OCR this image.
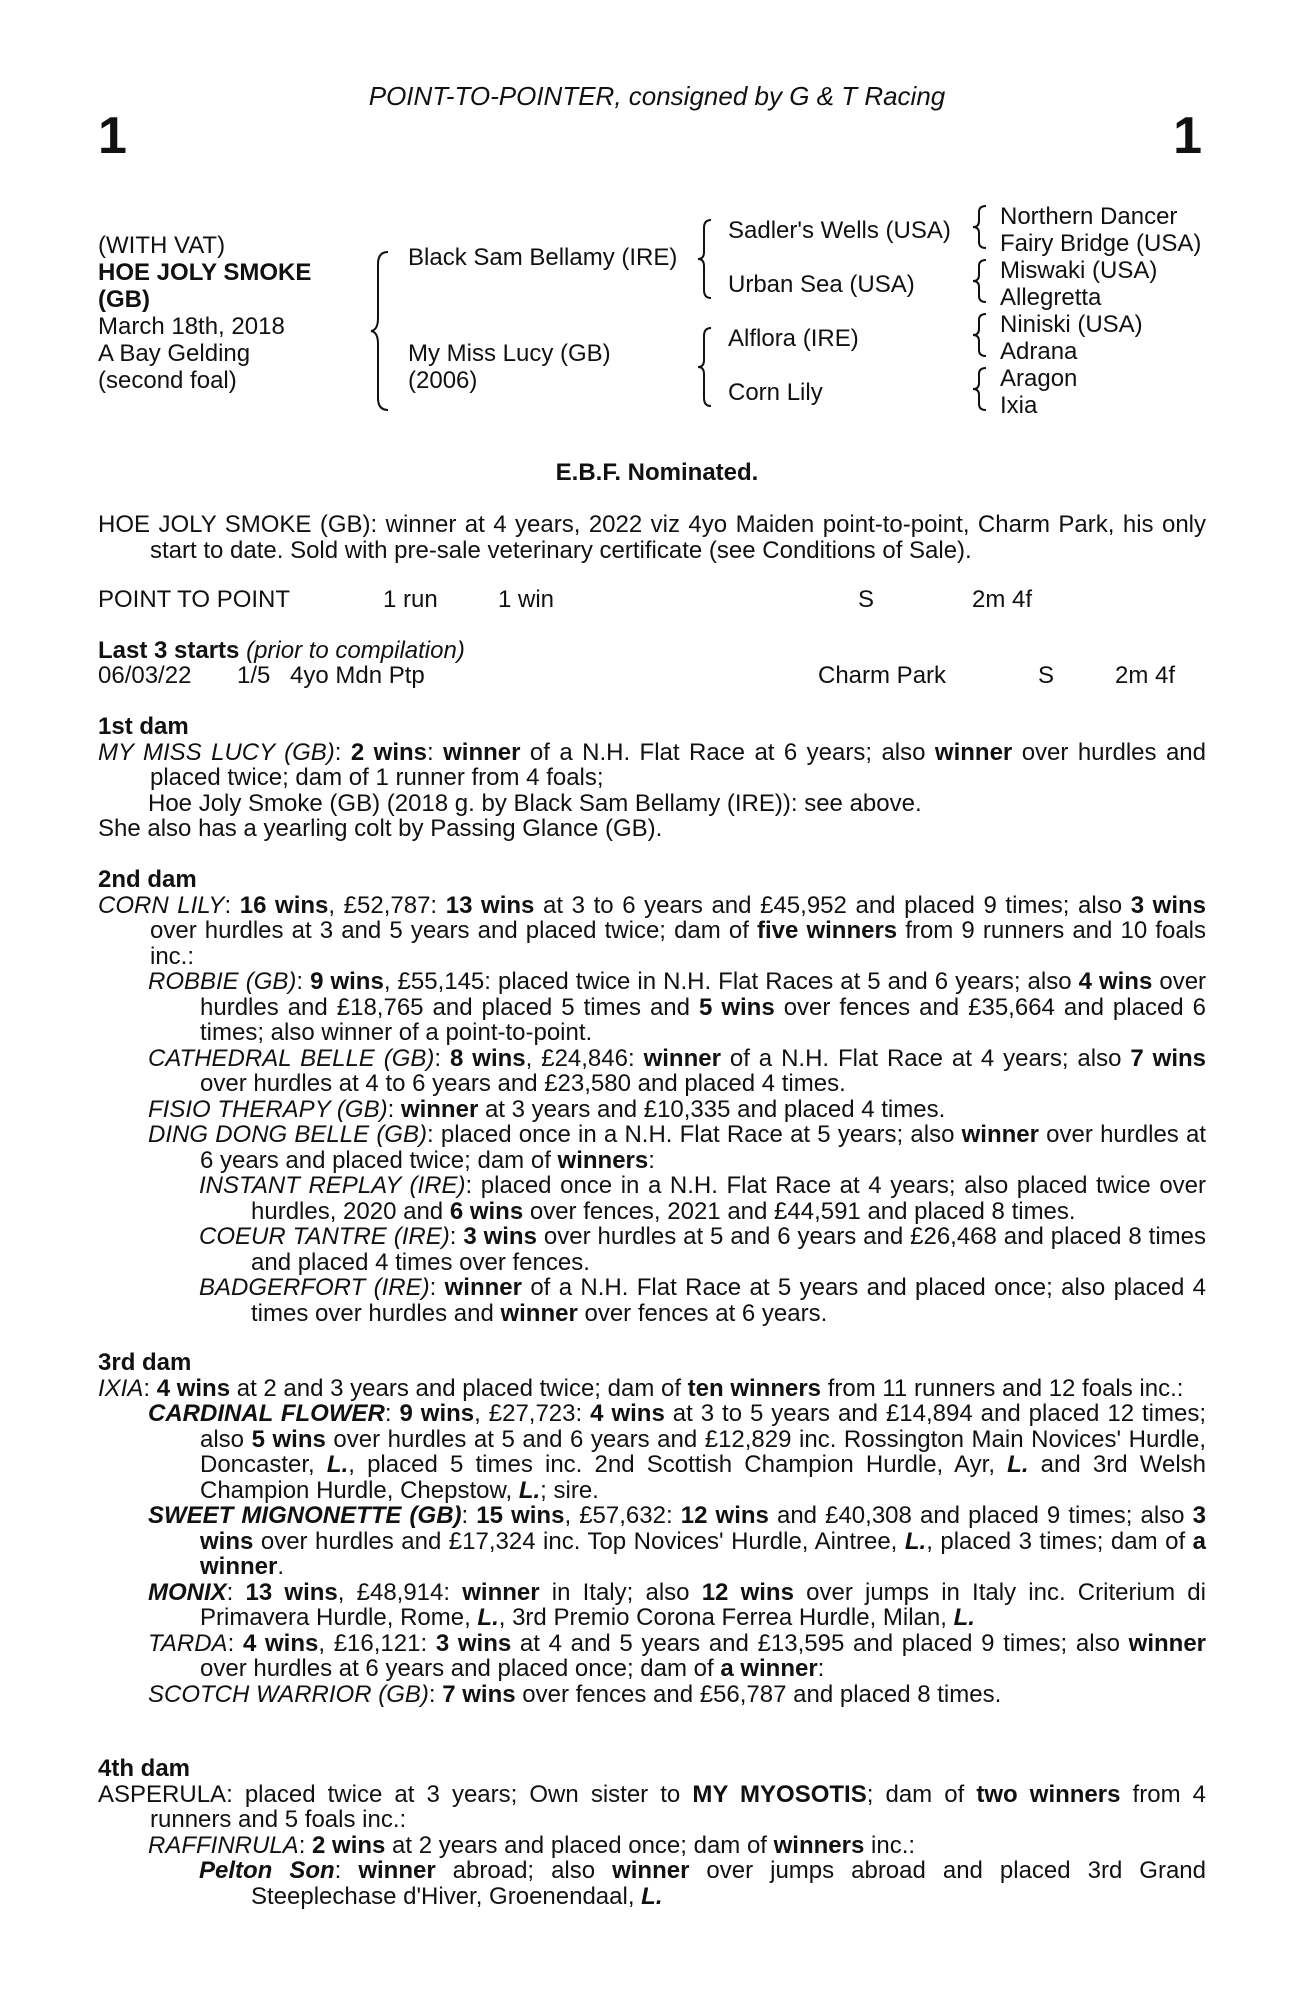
POINT-TO-POINTER, consigned by G & T Racing
1	1
(WITH VAT)
HOE JOLY SMOKE
(GB)
March 18th, 2018
A Bay Gelding
(second foal)
Black Sam Bellamy (IRE)
My Miss Lucy (GB)
(2006)
Sadler's Wells (USA)
Urban Sea (USA)
Alflora (IRE)
Corn Lily
Northern Dancer
Fairy Bridge (USA)
Miswaki (USA)
Allegretta
Niniski (USA)
Adrana
Aragon
Ixia
E.B.F. Nominated.

HOE JOLY SMOKE (GB): winner at 4 years, 2022 viz 4yo Maiden point-to-point, Charm Park, his only start to date. Sold with pre-sale veterinary certificate (see Conditions of Sale).

POINT TO POINT	1 run	1 win	S	2m 4f
Last 3 starts (prior to compilation)
06/03/22 1/5 4yo Mdn Ptp	Charm Park	S	2m 4f

1st dam

MY MISS LUCY (GB): 2 wins: winner of a N.H. Flat Race at 6 years; also winner over hurdles and placed twice; dam of 1 runner from 4 foals;

Hoe Joly Smoke (GB) (2018 g. by Black Sam Bellamy (IRE)): see above.

She also has a yearling colt by Passing Glance (GB).

2nd dam

CORN LILY: 16 wins, £52,787: 13 wins at 3 to 6 years and £45,952 and placed 9 times; also 3 wins over hurdles at 3 and 5 years and placed twice; dam of five winners from 9 runners and 10 foals inc.:

ROBBIE (GB): 9 wins, £55,145: placed twice in N.H. Flat Races at 5 and 6 years; also 4 wins over hurdles and £18,765 and placed 5 times and 5 wins over fences and £35,664 and placed 6 times; also winner of a point-to-point.

CATHEDRAL BELLE (GB): 8 wins, £24,846: winner of a N.H. Flat Race at 4 years; also 7 wins over hurdles at 4 to 6 years and £23,580 and placed 4 times.

FISIO THERAPY (GB): winner at 3 years and £10,335 and placed 4 times.

DING DONG BELLE (GB): placed once in a N.H. Flat Race at 5 years; also winner over hurdles at 6 years and placed twice; dam of winners:

INSTANT REPLAY (IRE): placed once in a N.H. Flat Race at 4 years; also placed twice over hurdles, 2020 and 6 wins over fences, 2021 and £44,591 and placed 8 times.

COEUR TANTRE (IRE): 3 wins over hurdles at 5 and 6 years and £26,468 and placed 8 times and placed 4 times over fences.

BADGERFORT (IRE): winner of a N.H. Flat Race at 5 years and placed once; also placed 4 times over hurdles and winner over fences at 6 years.

3rd dam

IXIA: 4 wins at 2 and 3 years and placed twice; dam of ten winners from 11 runners and 12 foals inc.:

CARDINAL FLOWER: 9 wins, £27,723: 4 wins at 3 to 5 years and £14,894 and placed 12 times; also 5 wins over hurdles at 5 and 6 years and £12,829 inc. Rossington Main Novices' Hurdle, Doncaster, L., placed 5 times inc. 2nd Scottish Champion Hurdle, Ayr, L. and 3rd Welsh Champion Hurdle, Chepstow, L.; sire.

SWEET MIGNONETTE (GB): 15 wins, £57,632: 12 wins and £40,308 and placed 9 times; also 3 wins over hurdles and £17,324 inc. Top Novices' Hurdle, Aintree, L., placed 3 times; dam of a winner.

MONIX: 13 wins, £48,914: winner in Italy; also 12 wins over jumps in Italy inc. Criterium di Primavera Hurdle, Rome, L., 3rd Premio Corona Ferrea Hurdle, Milan, L.

TARDA: 4 wins, £16,121: 3 wins at 4 and 5 years and £13,595 and placed 9 times; also winner over hurdles at 6 years and placed once; dam of a winner:

SCOTCH WARRIOR (GB): 7 wins over fences and £56,787 and placed 8 times.

4th dam

ASPERULA: placed twice at 3 years; Own sister to MY MYOSOTIS; dam of two winners from 4 runners and 5 foals inc.:

RAFFINRULA: 2 wins at 2 years and placed once; dam of winners inc.:

Pelton Son: winner abroad; also winner over jumps abroad and placed 3rd Grand Steeplechase d'Hiver, Groenendaal, L.
